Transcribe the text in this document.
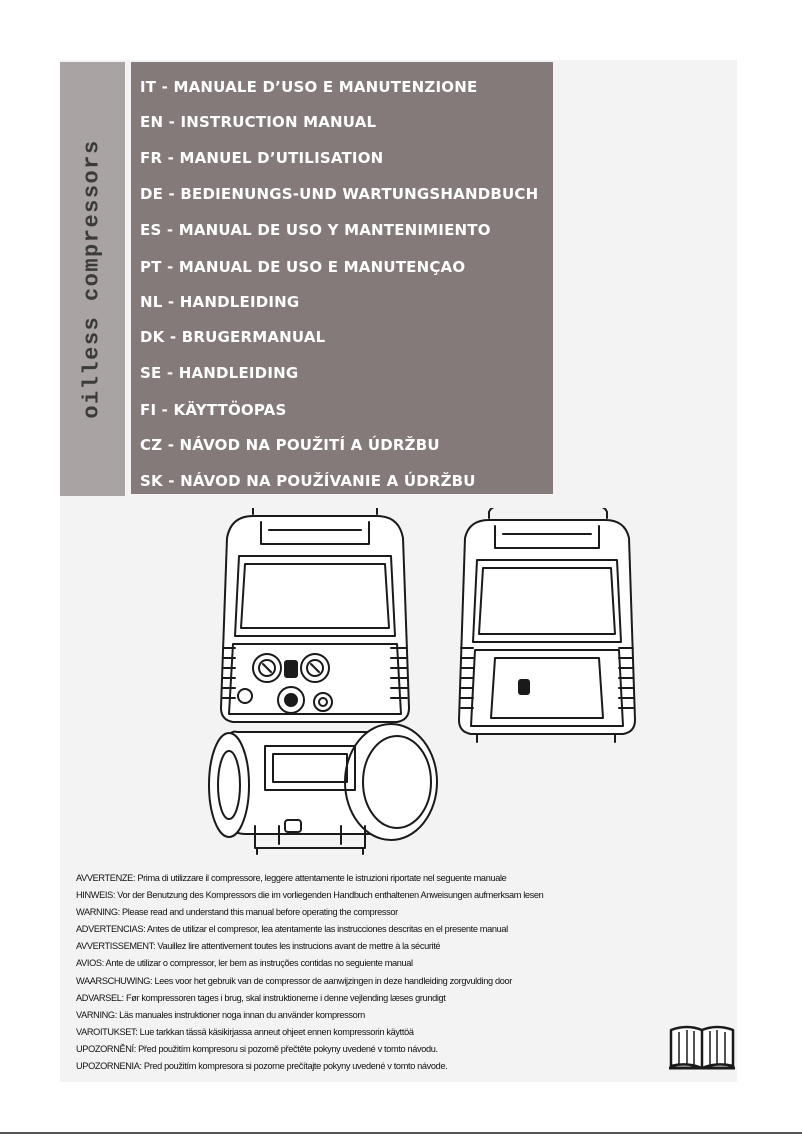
oilless compressors
IT - MANUALE D’USO E MANUTENZIONE
EN - INSTRUCTION MANUAL
FR - MANUEL D’UTILISATION
DE - BEDIENUNGS-UND WARTUNGSHANDBUCH
ES - MANUAL DE USO Y MANTENIMIENTO
PT - MANUAL DE USO E MANUTENÇAO
NL - HANDLEIDING
DK - BRUGERMANUAL
SE - HANDLEIDING
FI - KÄYTTÖOPAS
CZ - NÁVOD NA POUŽITÍ A ÚDRŽBU
SK - NÁVOD NA POUŽÍVANIE A ÚDRŽBU
AVVERTENZE: Prima di utilizzare il compressore, leggere attentamente le istruzioni riportate nel seguente manuale
HINWEIS: Vor der Benutzung des Kompressors die im vorliegenden Handbuch enthaltenen Anweisungen aufmerksam lesen
WARNING: Please read and understand this manual before operating the compressor
ADVERTENCIAS: Antes de utilizar el compresor, lea atentamente las instrucciones descritas en el presente manual
AVVERTISSEMENT: Vauillez lire attentivement toutes les instrucions avant de mettre à la sécurité
AVIOS: Ante de utilizar o compressor, ler bem as instruções contidas no seguiente manual
WAARSCHUWING: Lees voor het gebruik van de compressor de aanwijzingen in deze handleiding zorgvulding door
ADVARSEL: Før kompressoren tages i brug, skal instruktionerne i denne vejlending læses grundigt
VARNING: Läs manuales instruktioner noga innan du använder kompressorn
VAROITUKSET: Lue tarkkan tässä käsikirjassa anneut ohjeet ennen kompressorin käyttöä
UPOZORNĚNÍ: Před použitím kompresoru si pozorně přečtěte pokyny uvedené v tomto návodu.
UPOZORNENIA: Pred použitím kompresora si pozorne prečítajte pokyny uvedené v tomto návode.
